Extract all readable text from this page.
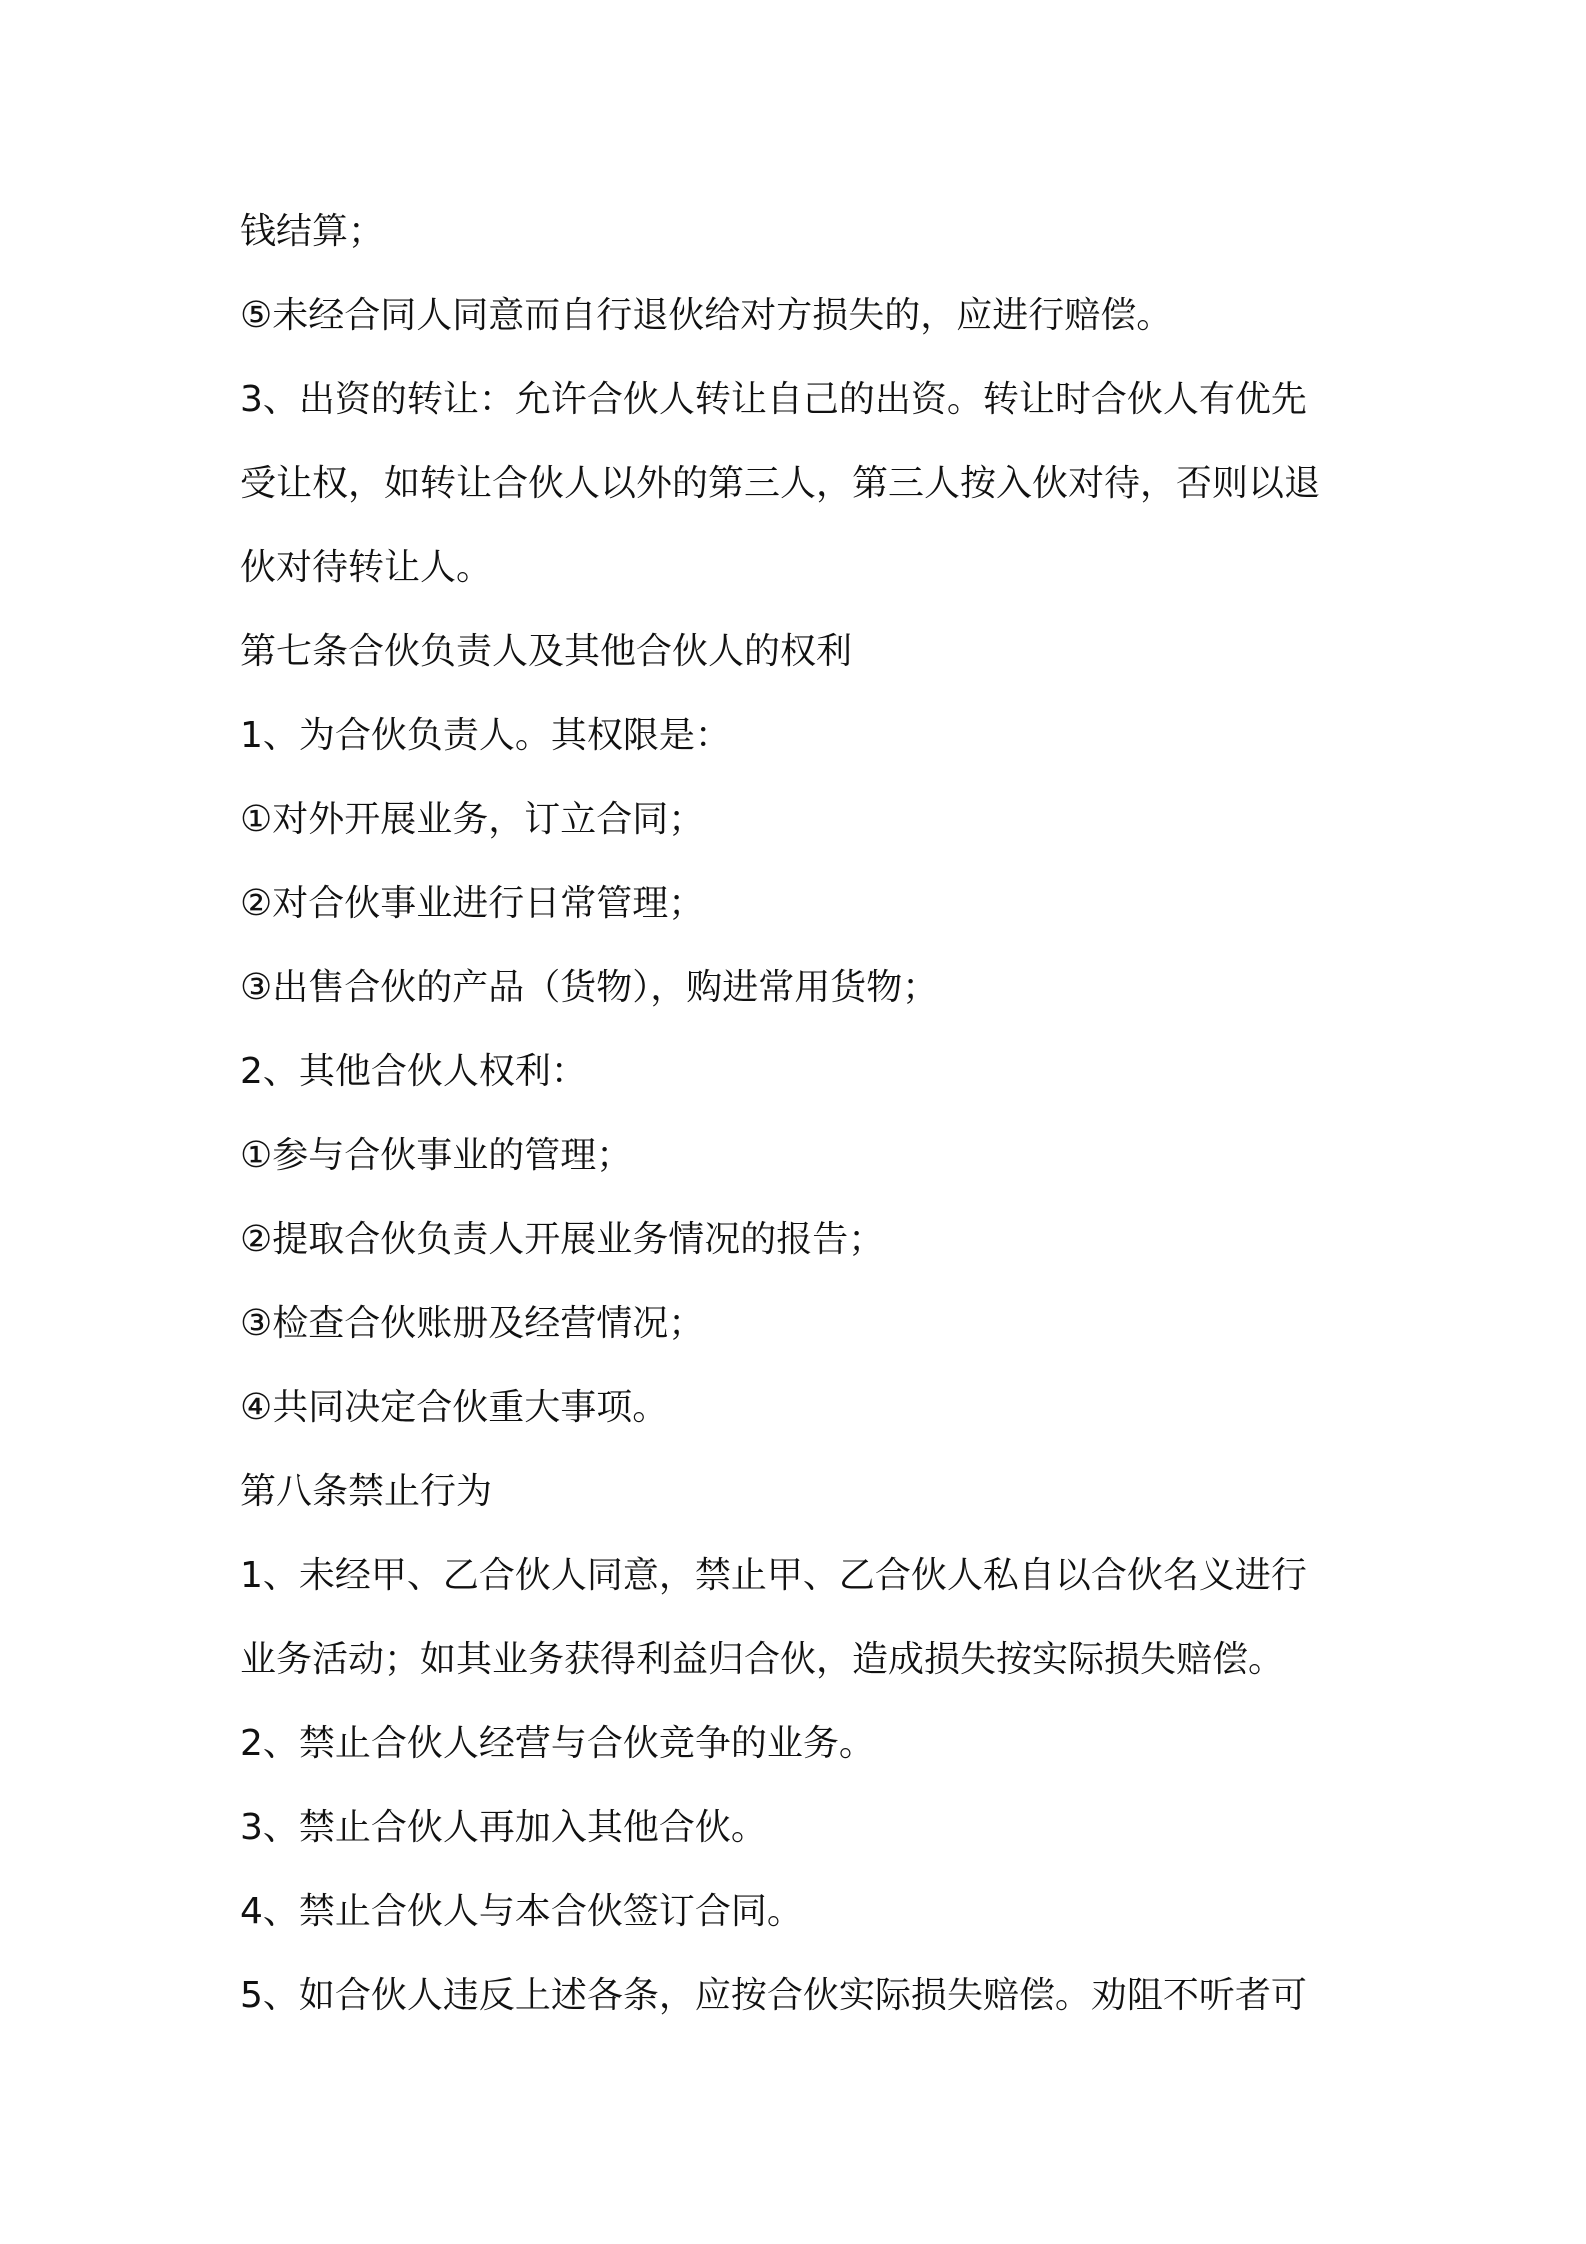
钱结算；

⑤未经合同人同意而自行退伙给对方损失的，应进行赔偿。

3、出资的转让：允许合伙人转让自己的出资。转让时合伙人有优先

受让权，如转让合伙人以外的第三人，第三人按入伙对待，否则以退

伙对待转让人。

第七条合伙负责人及其他合伙人的权利

1、为合伙负责人。其权限是：

①对外开展业务，订立合同；

②对合伙事业进行日常管理；

③出售合伙的产品（货物），购进常用货物；

2、其他合伙人权利：

①参与合伙事业的管理；

②提取合伙负责人开展业务情况的报告；

③检查合伙账册及经营情况；

④共同决定合伙重大事项。

第八条禁止行为

1、未经甲、乙合伙人同意，禁止甲、乙合伙人私自以合伙名义进行

业务活动；如其业务获得利益归合伙，造成损失按实际损失赔偿。

2、禁止合伙人经营与合伙竞争的业务。

3、禁止合伙人再加入其他合伙。

4、禁止合伙人与本合伙签订合同。

5、如合伙人违反上述各条，应按合伙实际损失赔偿。劝阻不听者可
